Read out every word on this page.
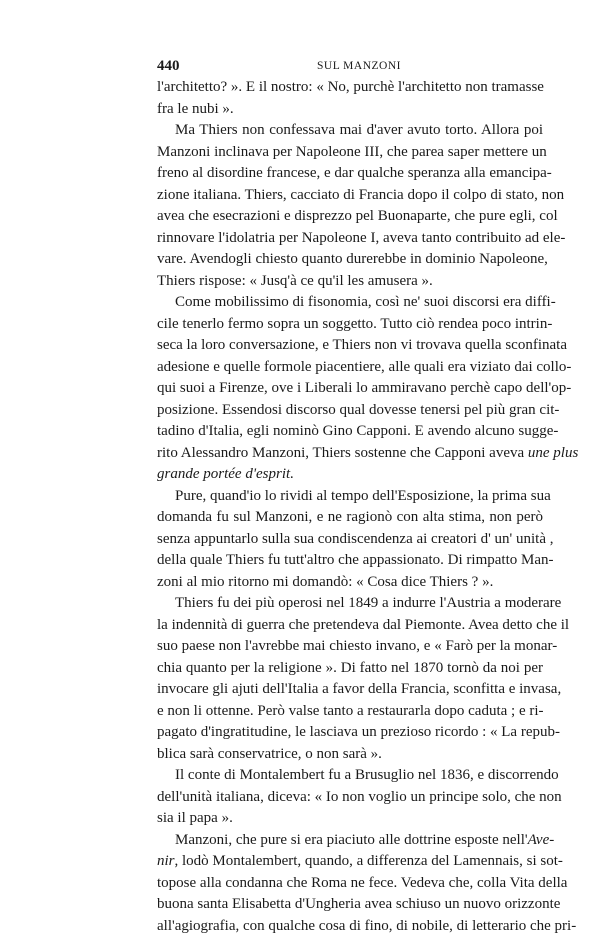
440	SUL MANZONI
l'architetto? ». E il nostro: « No, purchè l'architetto non tramasse
fra le nubi ».
Ma Thiers non confessava mai d'aver avuto torto. Allora poi
Manzoni inclinava per Napoleone III, che parea saper mettere un
freno al disordine francese, e dar qualche speranza alla emancipa-
zione italiana. Thiers, cacciato di Francia dopo il colpo di stato, non
avea che esecrazioni e disprezzo pel Buonaparte, che pure egli, col
rinnovare l'idolatria per Napoleone I, aveva tanto contribuito ad ele-
vare. Avendogli chiesto quanto durerebbe in dominio Napoleone,
Thiers rispose: « Jusq'à ce qu'il les amusera ».
Come mobilissimo di fisonomia, così ne' suoi discorsi era diffi-
cile tenerlo fermo sopra un soggetto. Tutto ciò rendea poco intrin-
seca la loro conversazione, e Thiers non vi trovava quella sconfinata
adesione e quelle formole piacentiere, alle quali era viziato dai collo-
qui suoi a Firenze, ove i Liberali lo ammiravano perchè capo dell'op-
posizione. Essendosi discorso qual dovesse tenersi pel più gran cit-
tadino d'Italia, egli nominò Gino Capponi. E avendo alcuno sugge-
rito Alessandro Manzoni, Thiers sostenne che Capponi aveva une plus
grande portée d'esprit.
Pure, quand'io lo rividi al tempo dell'Esposizione, la prima sua
domanda fu sul Manzoni, e ne ragionò con alta stima, non però
senza appuntarlo sulla sua condiscendenza ai creatori d' un' unità ,
della quale Thiers fu tutt'altro che appassionato. Di rimpatto Man-
zoni al mio ritorno mi domandò: « Cosa dice Thiers ? ».
Thiers fu dei più operosi nel 1849 a indurre l'Austria a moderare
la indennità di guerra che pretendeva dal Piemonte. Avea detto che il
suo paese non l'avrebbe mai chiesto invano, e « Farò per la monar-
chia quanto per la religione ». Di fatto nel 1870 tornò da noi per
invocare gli ajuti dell'Italia a favor della Francia, sconfitta e invasa,
e non li ottenne. Però valse tanto a restaurarla dopo caduta ; e ri-
pagato d'ingratitudine, le lasciava un prezioso ricordo : « La repub-
blica sarà conservatrice, o non sarà ».
Il conte di Montalembert fu a Brusuglio nel 1836, e discorrendo
dell'unità italiana, diceva: « Io non voglio un principe solo, che non
sia il papa ».
Manzoni, che pure si era piaciuto alle dottrine esposte nell'Ave-
nir, lodò Montalembert, quando, a differenza del Lamennais, si sot-
topose alla condanna che Roma ne fece. Vedeva che, colla Vita della
buona santa Elisabetta d'Ungheria avea schiuso un nuovo orizzonte
all'agiografia, con qualche cosa di fino, di nobile, di letterario che pri-
